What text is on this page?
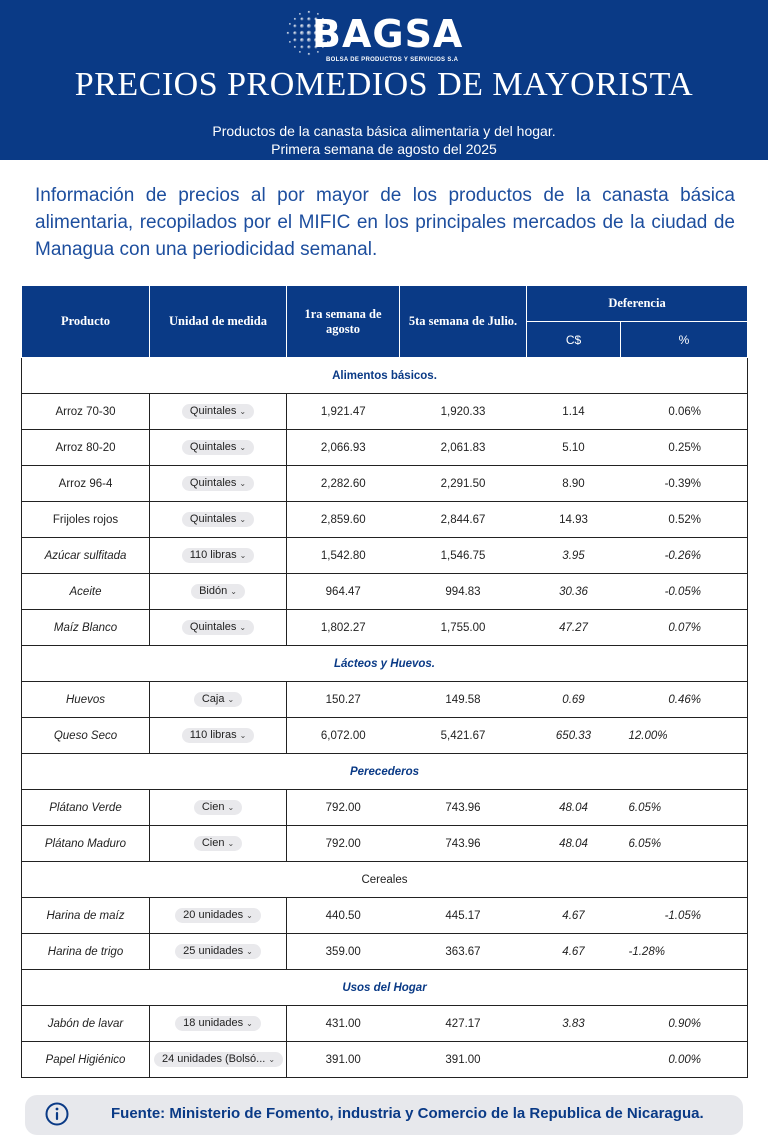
BAGSA
BOLSA DE PRODUCTOS Y SERVICIOS S.A
PRECIOS PROMEDIOS DE MAYORISTA
Productos de la canasta básica alimentaria y del hogar.
Primera semana de agosto del 2025
Información de precios al por mayor de los productos de la canasta básica alimentaria, recopilados por el MIFIC en los principales mercados de la ciudad de Managua con una periodicidad semanal.
Producto	Unidad de medida	1ra semana de agosto	5ta semana de Julio.	Deferencia	
				C$	%
Alimentos básicos.					
Arroz 70-30	Quintales ⌄	1,921.47	1,920.33	1.14	0.06%
Arroz 80-20	Quintales ⌄	2,066.93	2,061.83	5.10	0.25%
Arroz 96-4	Quintales ⌄	2,282.60	2,291.50	8.90	-0.39%
Frijoles rojos	Quintales ⌄	2,859.60	2,844.67	14.93	0.52%
Azúcar sulfitada	110 libras ⌄	1,542.80	1,546.75	3.95	-0.26%
Aceite	Bidón ⌄	964.47	994.83	30.36	-0.05%
Maíz Blanco	Quintales ⌄	1,802.27	1,755.00	47.27	0.07%
Lácteos y Huevos.					
Huevos	Caja ⌄	150.27	149.58	0.69	0.46%
Queso Seco	110 libras ⌄	6,072.00	5,421.67	650.33	12.00%
Perecederos					
Plátano Verde	Cien ⌄	792.00	743.96	48.04	6.05%
Plátano Maduro	Cien ⌄	792.00	743.96	48.04	6.05%
Cereales					
Harina de maíz	20 unidades ⌄	440.50	445.17	4.67	-1.05%
Harina de trigo	25 unidades ⌄	359.00	363.67	4.67	-1.28%
Usos del Hogar					
Jabón de lavar	18 unidades ⌄	431.00	427.17	3.83	0.90%
Papel Higiénico	24 unidades (Bolsó... ⌄	391.00	391.00		0.00%
Fuente: Ministerio de Fomento, industria y Comercio de la Republica de Nicaragua.
